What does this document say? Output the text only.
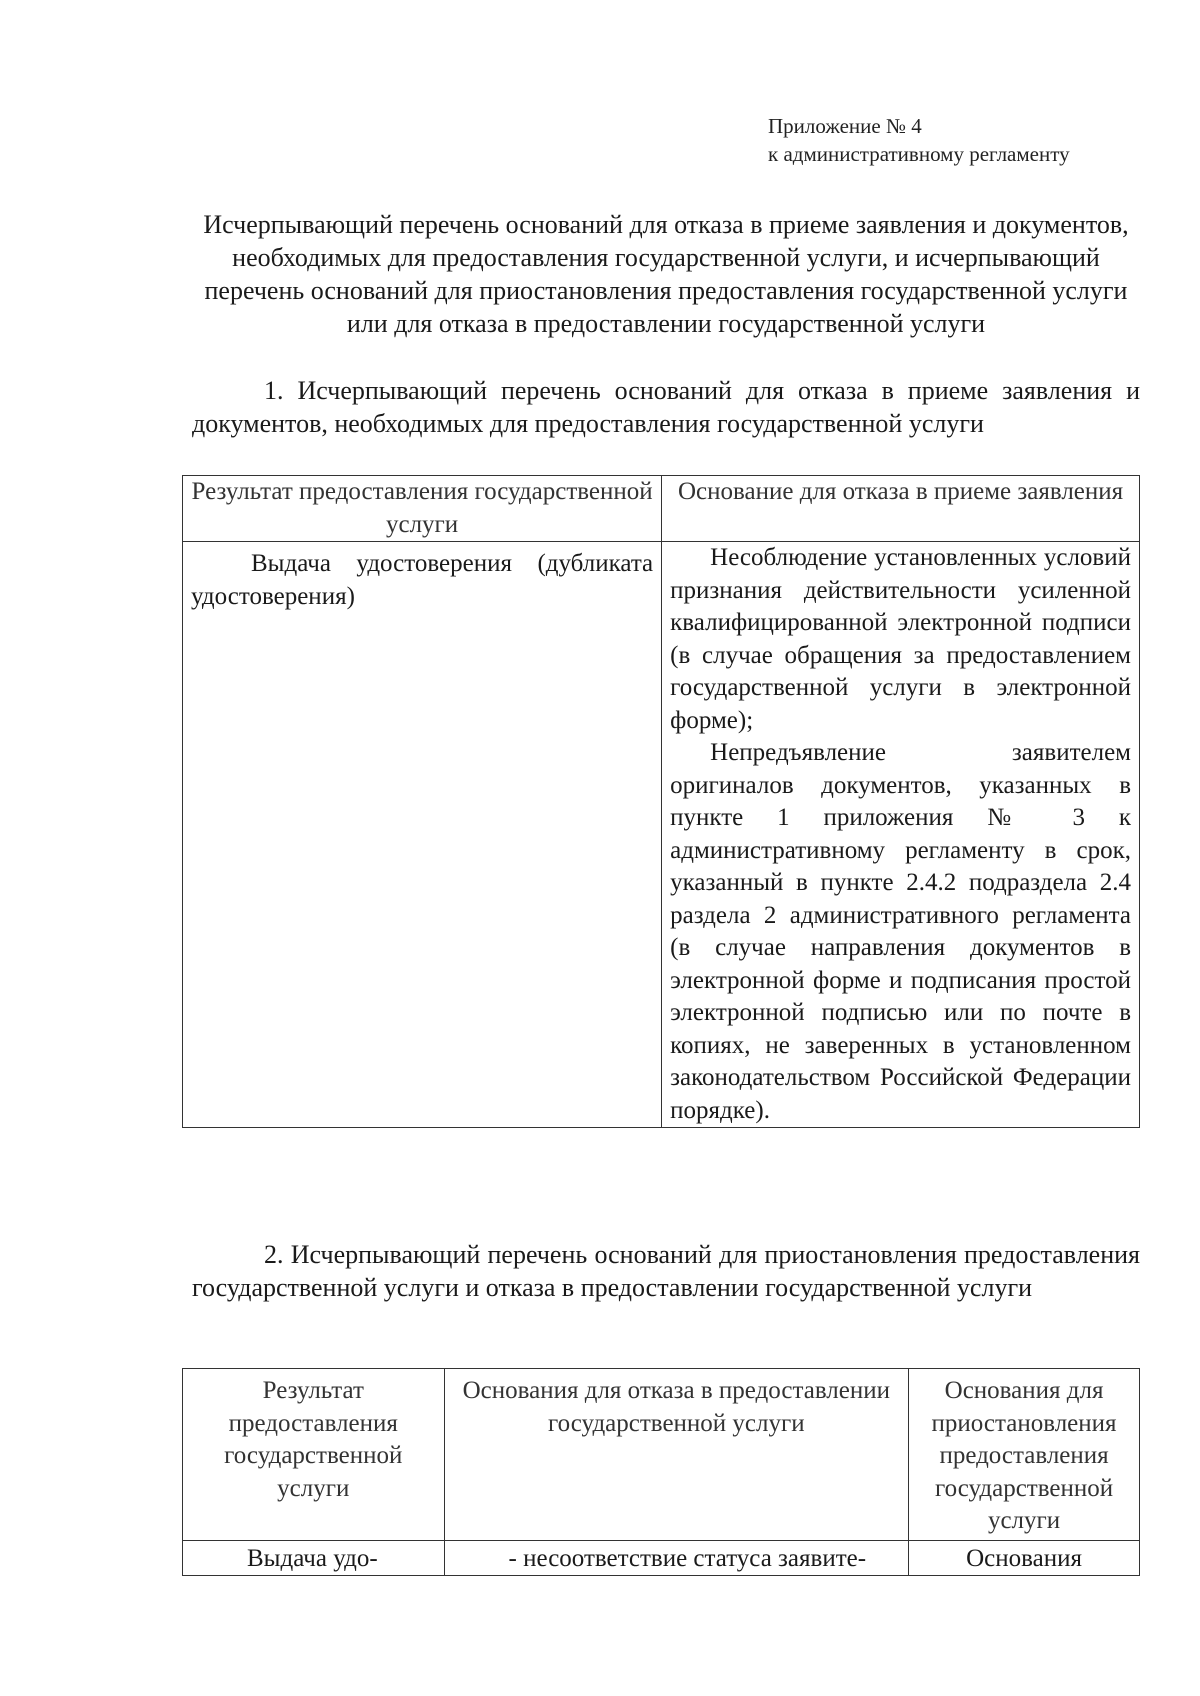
Приложение № 4
к административному регламенту
Исчерпывающий перечень оснований для отказа в приеме заявления и документов, необходимых для предоставления государственной услуги, и исчерпывающий перечень оснований для приостановления предоставления государственной услуги или для отказа в предоставлении государственной услуги
1. Исчерпывающий перечень оснований для отказа в приеме заявления и документов, необходимых для предоставления государственной услуги
Результат предоставления государственной услуги	Основание для отказа в приеме заявления
Выдача удостоверения (дубликата удостоверения)	Несоблюдение установленных условий признания действительности усиленной квалифицированной электронной подписи (в случае обращения за предоставлением государственной услуги в электронной форме);

Непредъявление заявителем оригиналов документов, указанных в пункте 1 приложения № 3 к административному регламенту в срок, указанный в пункте 2.4.2 подраздела 2.4 раздела 2 административного регламента (в случае направления документов в электронной форме и подписания простой электронной подписью или по почте в копиях, не заверенных в установленном законодательством Российской Федерации порядке).

2. Исчерпывающий перечень оснований для приостановления предоставления государственной услуги и отказа в предоставлении государственной услуги
Результат предоставления государственной услуги	Основания для отказа в предоставлении государственной услуги	Основания для приостановления предоставления государственной услуги
Выдача удо-	- несоответствие статуса заявите-	Основания
